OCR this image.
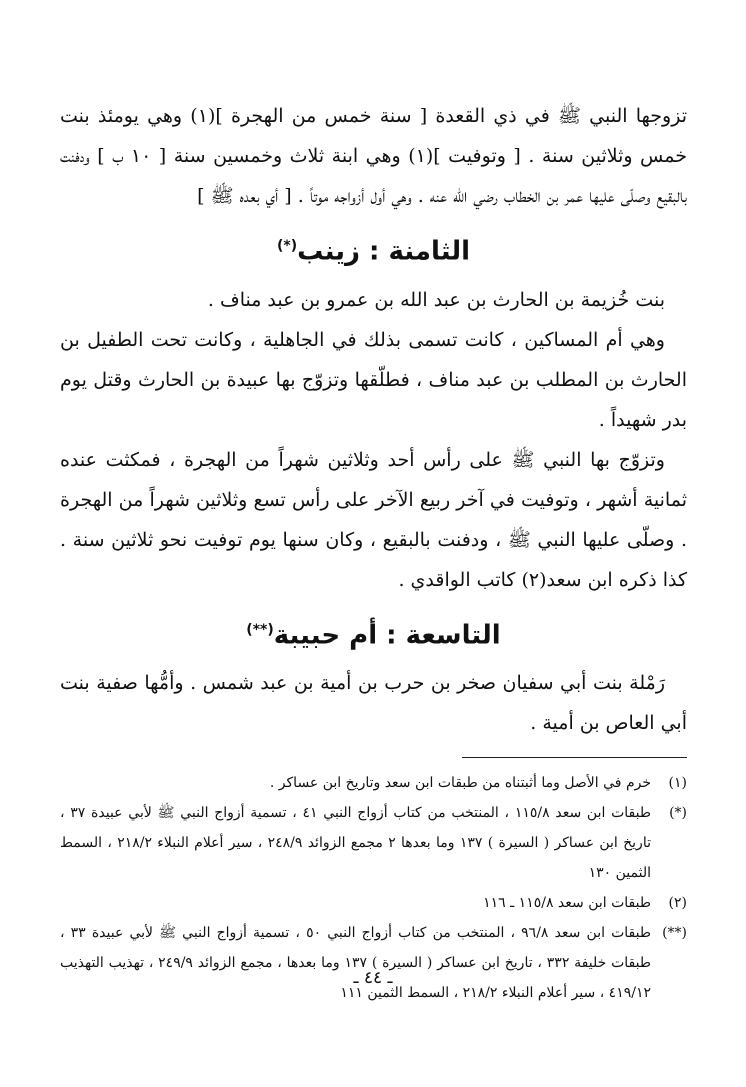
تزوجها النبي ﷺ في ذي القعدة [ سنة خمس من الهجرة ](١) وهي يومئذ بنت خمس وثلاثين سنة . [ وتوفيت ](١) وهي ابنة ثلاث وخمسين سنة [ ١٠ ب ] ودفنت بالبقيع وصلّى عليها عمر بن الخطاب رضي الله عنه . وهي أول أزواجه موتاً . [ أي بعده ﷺ ]

الثامنة : زينب(*)

بنت خُزيمة بن الحارث بن عبد الله بن عمرو بن عبد مناف .

وهي أم المساكين ، كانت تسمى بذلك في الجاهلية ، وكانت تحت الطفيل بن الحارث بن المطلب بن عبد مناف ، فطلّقها وتزوّج بها عبيدة بن الحارث وقتل يوم بدر شهيداً .

وتزوّج بها النبي ﷺ على رأس أحد وثلاثين شهراً من الهجرة ، فمكثت عنده ثمانية أشهر ، وتوفيت في آخر ربيع الآخر على رأس تسع وثلاثين شهراً من الهجرة . وصلّى عليها النبي ﷺ ، ودفنت بالبقيع ، وكان سنها يوم توفيت نحو ثلاثين سنة . كذا ذكره ابن سعد(٢) كاتب الواقدي .

التاسعة : أم حبيبة(**)

رَمْلة بنت أبي سفيان صخر بن حرب بن أمية بن عبد شمس . وأمُّها صفية بنت أبي العاص بن أمية .

(١)
خرم في الأصل وما أثبتناه من طبقات ابن سعد وتاريخ ابن عساكر .
(*)
طبقات ابن سعد ١١٥/٨ ، المنتخب من كتاب أزواج النبي ٤١ ، تسمية أزواج النبي ﷺ لأبي عبيدة ٣٧ ، تاريخ ابن عساكر ( السيرة ) ١٣٧ وما بعدها ٢ مجمع الزوائد ٢٤٨/٩ ، سير أعلام النبلاء ٢١٨/٢ ، السمط الثمين ١٣٠
(٢)
طبقات ابن سعد ١١٥/٨ ـ ١١٦
(**)
طبقات ابن سعد ٩٦/٨ ، المنتخب من كتاب أزواج النبي ٥٠ ، تسمية أزواج النبي ﷺ لأبي عبيدة ٣٣ ، طبقات خليفة ٣٣٢ ، تاريخ ابن عساكر ( السيرة ) ١٣٧ وما بعدها ، مجمع الزوائد ٢٤٩/٩ ، تهذيب التهذيب ٤١٩/١٢ ، سير أعلام النبلاء ٢١٨/٢ ، السمط الثمين ١١١
ـ ٤٤ ـ
